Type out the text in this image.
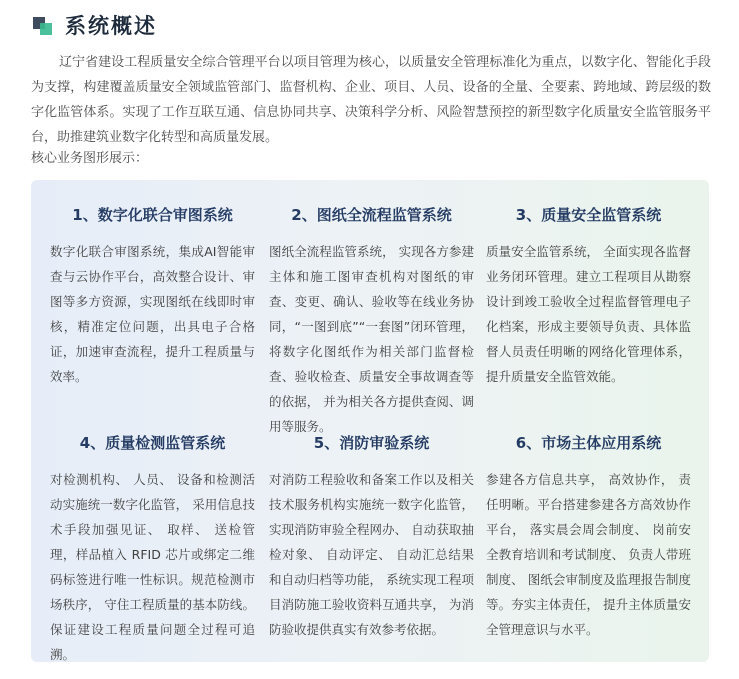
系统概述
辽宁省建设工程质量安全综合管理平台以项目管理为核心，以质量安全管理标准化为重点，以数字化、智能化手段为支撑，构建覆盖质量安全领域监管部门、监督机构、企业、项目、人员、设备的全量、全要素、跨地域、跨层级的数字化监管体系。实现了工作互联互通、信息协同共享、决策科学分析、风险智慧预控的新型数字化质量安全监管服务平台，助推建筑业数字化转型和高质量发展。
核心业务图形展示：
1、数字化联合审图系统
数字化联合审图系统，集成AI智能审查与云协作平台，高效整合设计、审图等多方资源，实现图纸在线即时审核，精准定位问题，出具电子合格证，加速审查流程，提升工程质量与效率。
2、图纸全流程监管系统
图纸全流程监管系统， 实现各方参建主体和施工图审查机构对图纸的审查、变更、确认、验收等在线业务协同，“一图到底”“一套图”闭环管理， 将数字化图纸作为相关部门监督检查、验收检查、质量安全事故调查等的依据， 并为相关各方提供查阅、调用等服务。
3、质量安全监管系统
质量安全监管系统， 全面实现各监督业务闭环管理。建立工程项目从勘察设计到竣工验收全过程监督管理电子化档案，形成主要领导负责、具体监督人员责任明晰的网络化管理体系，提升质量安全监管效能。
4、质量检测监管系统
对检测机构、 人员、 设备和检测活动实施统一数字化监管， 采用信息技术手段加强见证、 取样、 送检管理，样品植入 RFID 芯片或绑定二维码标签进行唯一性标识。规范检测市场秩序， 守住工程质量的基本防线。保证建设工程质量问题全过程可追溯。
5、消防审验系统
对消防工程验收和备案工作以及相关技术服务机构实施统一数字化监管， 实现消防审验全程网办、 自动获取抽检对象、 自动评定、 自动汇总结果和自动归档等功能， 系统实现工程项目消防施工验收资料互通共享， 为消防验收提供真实有效参考依据。
6、市场主体应用系统
参建各方信息共享， 高效协作， 责任明晰。平台搭建参建各方高效协作平台， 落实晨会周会制度、 岗前安全教育培训和考试制度、 负责人带班制度、 图纸会审制度及监理报告制度等。夯实主体责任， 提升主体质量安全管理意识与水平。
